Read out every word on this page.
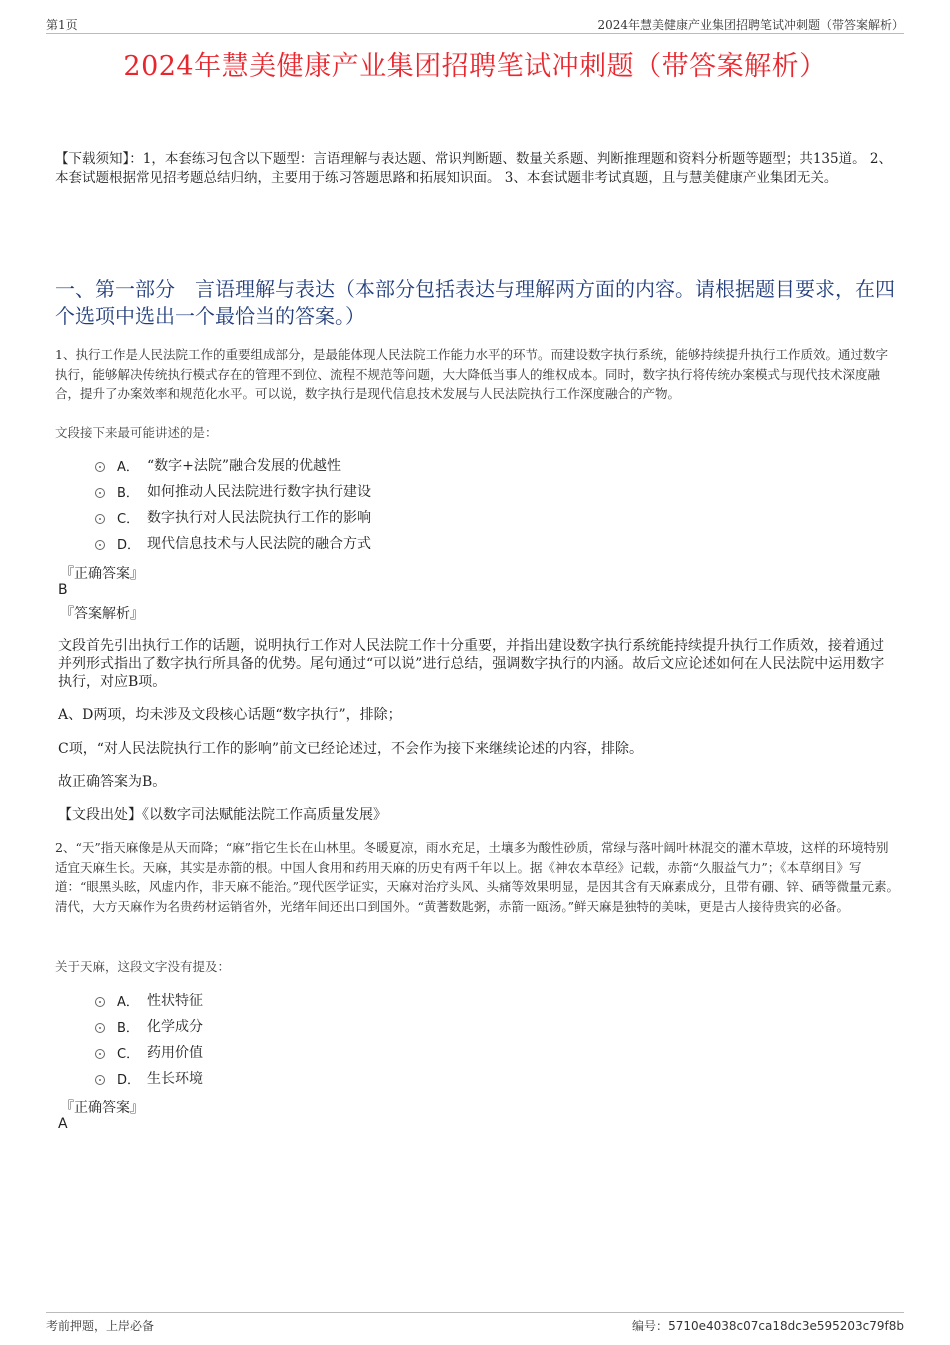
第1页	2024年慧美健康产业集团招聘笔试冲刺题（带答案解析）
2024年慧美健康产业集团招聘笔试冲刺题（带答案解析）
【下载须知】：1，本套练习包含以下题型：言语理解与表达题、常识判断题、数量关系题、判断推理题和资料分析题等题型；共135道。 2、本套试题根据常见招考题总结归纳，主要用于练习答题思路和拓展知识面。 3、本套试题非考试真题，且与慧美健康产业集团无关。
一、第一部分　言语理解与表达（本部分包括表达与理解两方面的内容。请根据题目要求，在四个选项中选出一个最恰当的答案。）
1、执行工作是人民法院工作的重要组成部分，是最能体现人民法院工作能力水平的环节。而建设数字执行系统，能够持续提升执行工作质效。通过数字执行，能够解决传统执行模式存在的管理不到位、流程不规范等问题，大大降低当事人的维权成本。同时，数字执行将传统办案模式与现代技术深度融合，提升了办案效率和规范化水平。可以说，数字执行是现代信息技术发展与人民法院执行工作深度融合的产物。
文段接下来最可能讲述的是：
A． “数字+法院”融合发展的优越性
B． 如何推动人民法院进行数字执行建设
C． 数字执行对人民法院执行工作的影响
D． 现代信息技术与人民法院的融合方式
『正确答案』
B
『答案解析』
文段首先引出执行工作的话题，说明执行工作对人民法院工作十分重要，并指出建设数字执行系统能持续提升执行工作质效，接着通过并列形式指出了数字执行所具备的优势。尾句通过“可以说”进行总结，强调数字执行的内涵。故后文应论述如何在人民法院中运用数字执行，对应B项。
A、D两项，均未涉及文段核心话题“数字执行”，排除；
C项，“对人民法院执行工作的影响”前文已经论述过，不会作为接下来继续论述的内容，排除。
故正确答案为B。
【文段出处】《以数字司法赋能法院工作高质量发展》
2、“天”指天麻像是从天而降；“麻”指它生长在山林里。冬暖夏凉，雨水充足，土壤多为酸性砂质，常绿与落叶阔叶林混交的灌木草坡，这样的环境特别适宜天麻生长。天麻，其实是赤箭的根。中国人食用和药用天麻的历史有两千年以上。据《神农本草经》记载，赤箭“久服益气力”；《本草纲目》写道：“眼黑头眩，风虚内作，非天麻不能治。”现代医学证实，天麻对治疗头风、头痛等效果明显，是因其含有天麻素成分，且带有硼、锌、硒等微量元素。清代，大方天麻作为名贵药材运销省外，光绪年间还出口到国外。“黄蓍数匙粥，赤箭一瓯汤。”鲜天麻是独特的美味，更是古人接待贵宾的必备。
关于天麻，这段文字没有提及：
A． 性状特征
B． 化学成分
C． 药用价值
D． 生长环境
『正确答案』
A
考前押题，上岸必备	编号：5710e4038c07ca18dc3e595203c79f8b
